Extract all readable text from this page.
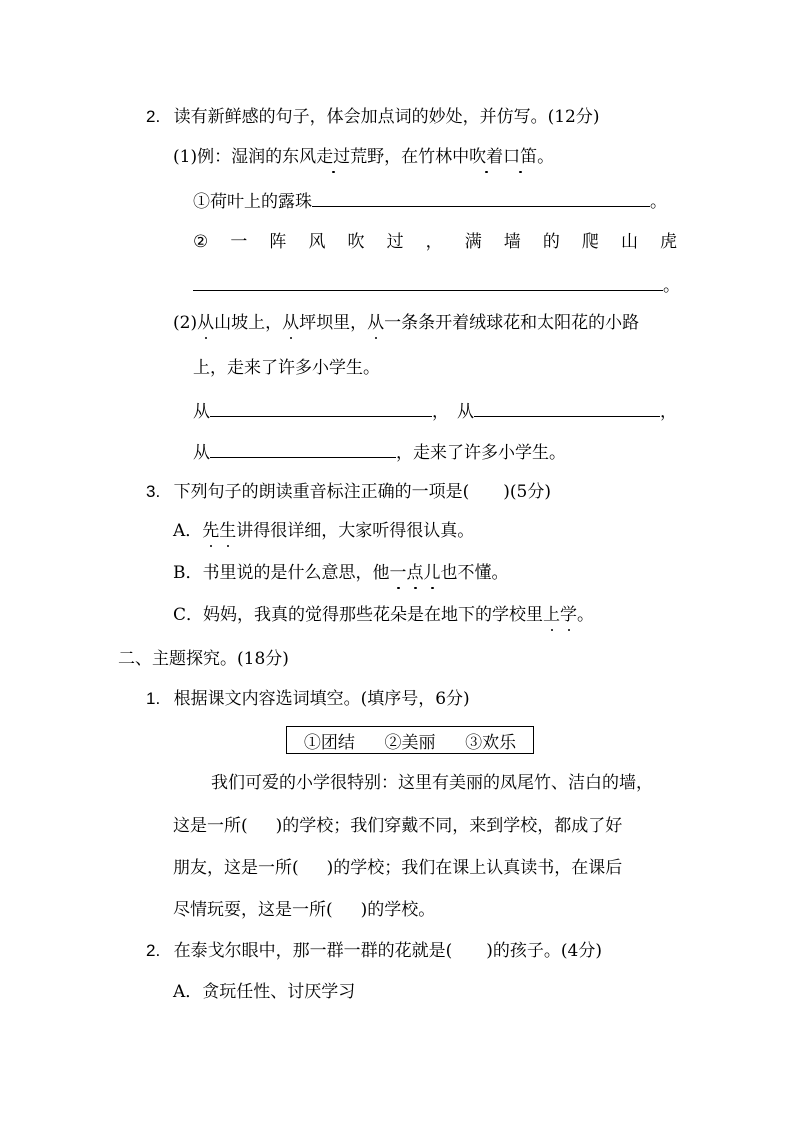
2. 读有新鲜感的句子，体会加点词的妙处，并仿写。(12分)
(1)例：湿润的东风走过荒野，在竹林中吹着口笛。
①荷叶上的露珠	。
② 一 阵 风 吹 过 ， 满 墙 的 爬 山 虎
。
(2)从山坡上，从坪坝里，从一条条开着绒球花和太阳花的小路
上，走来了许多小学生。
从	， 从	，
从	，走来了许多小学生。
3. 下列句子的朗读重音标注正确的一项是( )(5分)
A．先生讲得很详细，大家听得很认真。
B．书里说的是什么意思，他一点儿也不懂。
C．妈妈，我真的觉得那些花朵是在地下的学校里上学。
二、主题探究。(18分)
1. 根据课文内容选词填空。(填序号，6分)
①团结 ②美丽 ③欢乐
我们可爱的小学很特别：这里有美丽的凤尾竹、洁白的墙，
这是一所( )的学校；我们穿戴不同，来到学校，都成了好
朋友，这是一所( )的学校；我们在课上认真读书，在课后
尽情玩耍，这是一所( )的学校。
2. 在泰戈尔眼中，那一群一群的花就是( )的孩子。(4分)
A．贪玩任性、讨厌学习
